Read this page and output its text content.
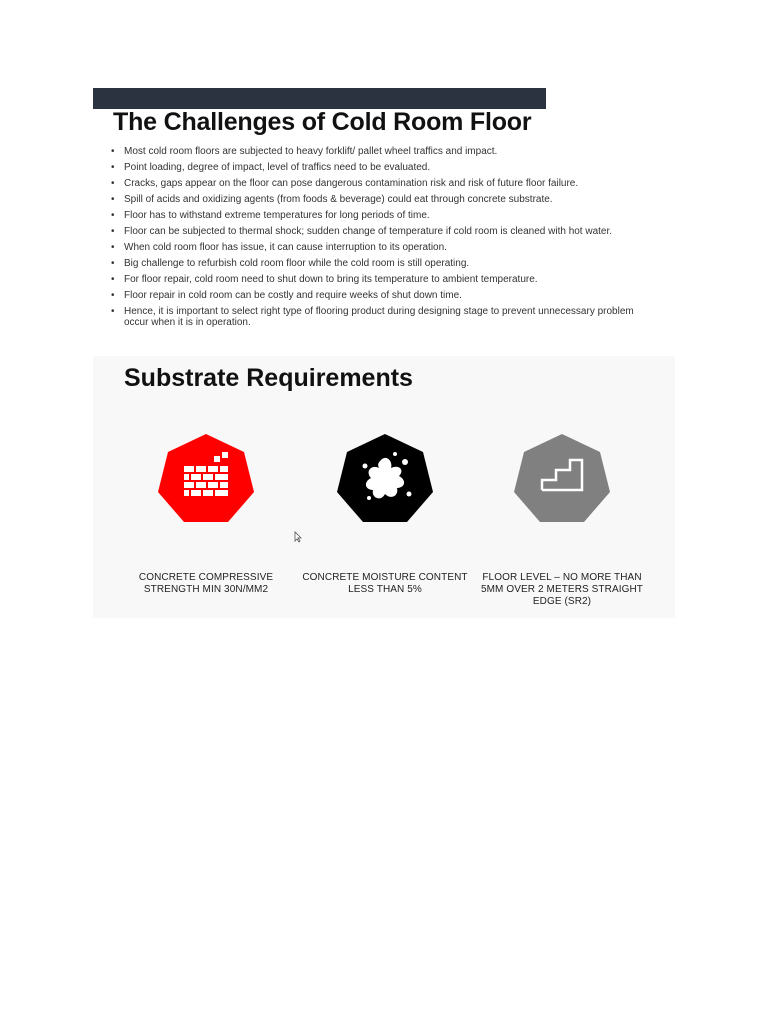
The Challenges of Cold Room Floor
• Most cold room floors are subjected to heavy forklift/ pallet wheel traffics and impact.
• Point loading, degree of impact, level of traffics need to be evaluated.
• Cracks, gaps appear on the floor can pose dangerous contamination risk and risk of future floor failure.
• Spill of acids and oxidizing agents (from foods & beverage) could eat through concrete substrate.
• Floor has to withstand extreme temperatures for long periods of time.
• Floor can be subjected to thermal shock; sudden change of temperature if cold room is cleaned with hot water.
• When cold room floor has issue, it can cause interruption to its operation.
• Big challenge to refurbish cold room floor while the cold room is still operating.
• For floor repair, cold room need to shut down to bring its temperature to ambient temperature.
• Floor repair in cold room can be costly and require weeks of shut down time.
• Hence, it is important to select right type of flooring product during designing stage to prevent unnecessary problem occur when it is in operation.
Substrate Requirements
CONCRETE COMPRESSIVE
STRENGTH MIN 30N/MM2
CONCRETE MOISTURE CONTENT
LESS THAN 5%
FLOOR LEVEL – NO MORE THAN
5MM OVER 2 METERS STRAIGHT
EDGE (SR2)
